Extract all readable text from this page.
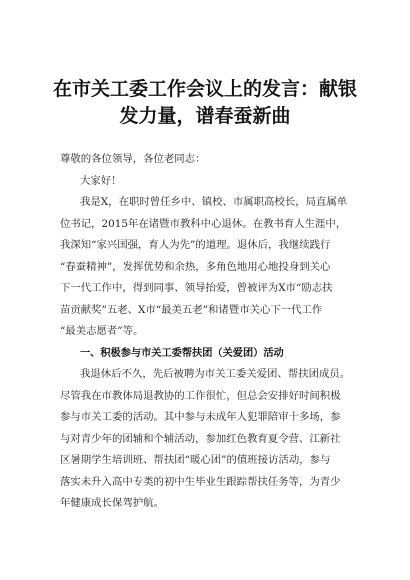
在市关工委工作会议上的发言：献银
发力量，谱春蚕新曲
尊敬的各位领导，各位老同志：
大家好！
我是X，在职时曾任乡中、镇校、市属职高校长，局直属单
位书记，2015年在诸暨市教科中心退休。在教书育人生涯中，
我深知“家兴国强，育人为先”的道理。退休后，我继续践行
“春蚕精神”，发挥优势和余热，多角色地用心地投身到关心
下一代工作中，得到同事、领导抬爱，曾被评为X市“励志扶
苗贡献奖”五老、X市“最美五老”和诸暨市关心下一代工作
“最美志愿者”等。
一、积极参与市关工委帮扶团（关爱团）活动
我退休后不久，先后被聘为市关工委关爱团、帮扶团成员。
尽管我在市教体局退教协的工作很忙，但总会安排好时间积极
参与市关工委的活动。其中参与未成年人犯罪陪审十多场，参
与对青少年的团辅和个辅活动，参加红色教育夏令营、江新社
区暑期学生培训班、帮扶团“暖心团”的值班接访活动，参与
落实未升入高中专类的初中生毕业生跟踪帮扶任务等，为青少
年健康成长保驾护航。
